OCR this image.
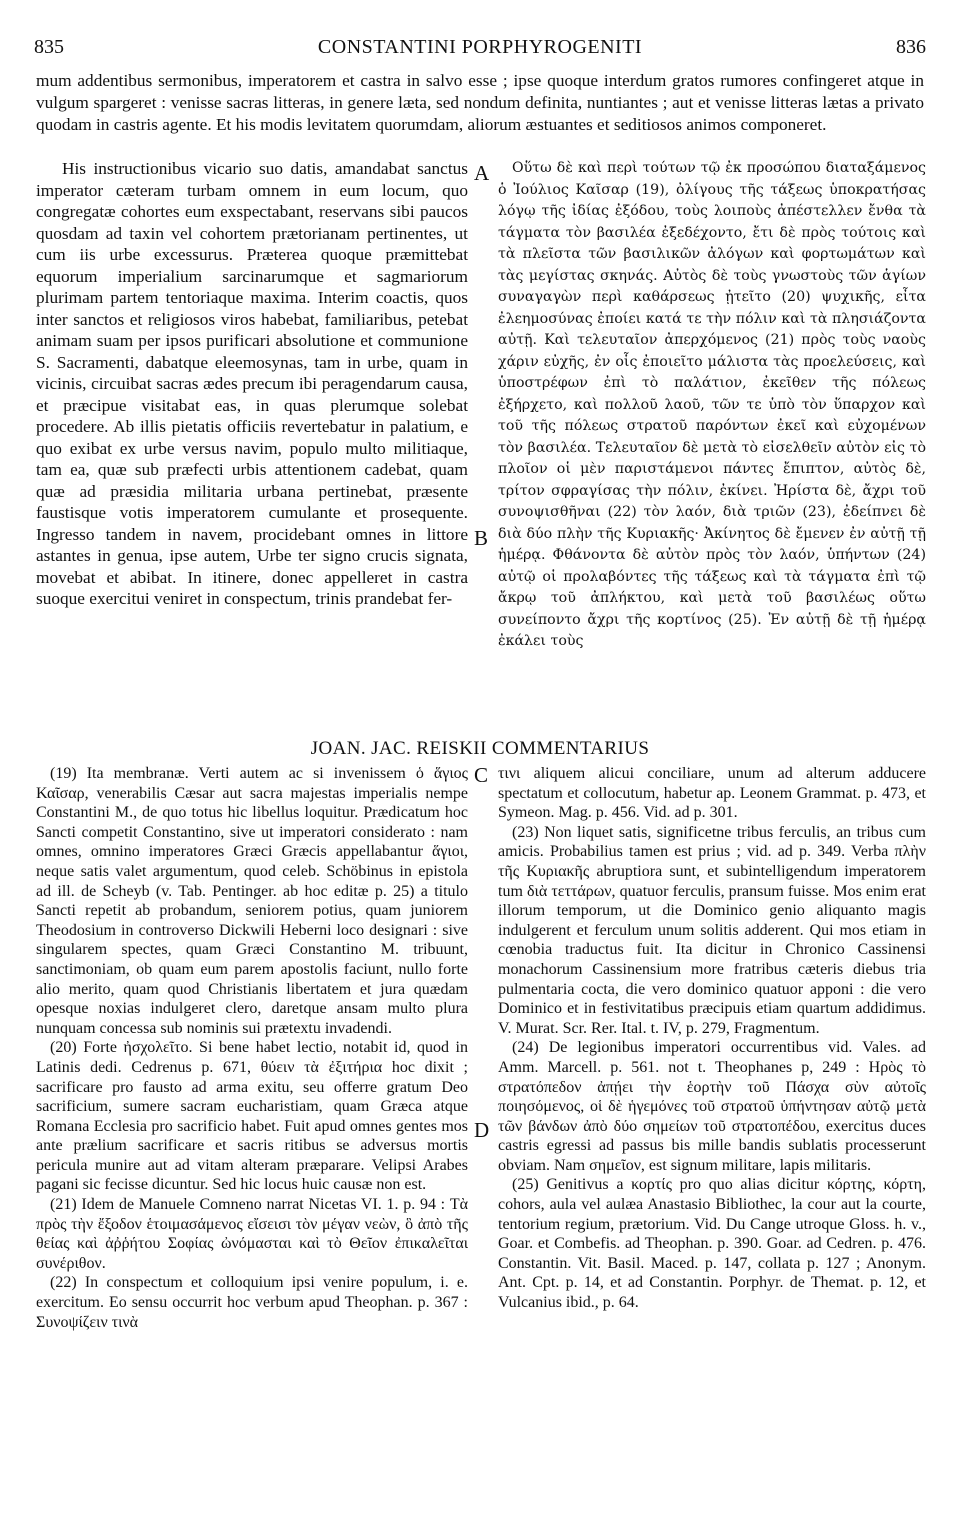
835	CONSTANTINI PORPHYROGENITI	836
mum addentibus sermonibus, imperatorem et castra in salvo esse ; ipse quoque interdum gratos rumores confingeret atque in vulgum spargeret : venisse sacras litteras, in genere læta, sed nondum definita, nuntiantes ; aut et venisse litteras lætas a privato quodam in castris agente. Et his modis levitatem quorumdam, aliorum æstuantes et seditiosos animos componeret.
His instructionibus vicario suo datis, amandabat sanctus imperator cæteram turbam omnem in eum locum, quo congregatæ cohortes eum exspectabant, reservans sibi paucos quosdam ad taxin vel cohortem prætorianam pertinentes, ut cum iis urbe excessurus. Præterea quoque præmittebat equorum imperialium sarcinarumque et sagmariorum plurimam partem tentoriaque maxima. Interim coactis, quos inter sanctos et religiosos viros habebat, familiaribus, petebat animam suam per ipsos purificari absolutione et communione S. Sacramenti, dabatque eleemosynas, tam in urbe, quam in vicinis, circuibat sacras ædes precum ibi peragendarum causa, et præcipue visitabat eas, in quas plerumque solebat procedere. Ab illis pietatis officiis revertebatur in palatium, e quo exibat ex urbe versus navim, populo multo militiaque, tam ea, quæ sub præfecti urbis attentionem cadebat, quam quæ ad præsidia militaria urbana pertinebat, præsente faustisque votis imperatorem cumulante et prosequente. Ingresso tandem in navem, procidebant omnes in littore astantes in genua, ipse autem, Urbe ter signo crucis signata, movebat et abibat. In itinere, donec appelleret in castra suoque exercitui veniret in conspectum, trinis prandebat fer-
Οὕτω δὲ καὶ περὶ τούτων τῷ ἐκ προσώπου διαταξάμενος ὁ Ἰούλιος Καῖσαρ (19), ὀλίγους τῆς τάξεως ὑποκρατήσας λόγῳ τῆς ἰδίας ἐξόδου, τοὺς λοιποὺς ἀπέστελλεν ἔνθα τὰ τάγματα τὸν βασιλέα ἐξεδέχοντο, ἔτι δὲ πρὸς τούτοις καὶ τὰ πλεῖστα τῶν βασιλικῶν ἀλόγων καὶ φορτωμάτων καὶ τὰς μεγίστας σκηνάς. Αὐτὸς δὲ τοὺς γνωστοὺς τῶν ἁγίων συναγαγὼν περὶ καθάρσεως ᾐτεῖτο (20) ψυχικῆς, εἶτα ἐλεημοσύνας ἐποίει κατά τε τὴν πόλιν καὶ τὰ πλησιάζοντα αὐτῇ. Καὶ τελευταῖον ἀπερχόμενος (21) πρὸς τοὺς ναοὺς χάριν εὐχῆς, ἐν οἷς ἐποιεῖτο μάλιστα τὰς προελεύσεις, καὶ ὑποστρέφων ἐπὶ τὸ παλάτιον, ἐκεῖθεν τῆς πόλεως ἐξήρχετο, καὶ πολλοῦ λαοῦ, τῶν τε ὑπὸ τὸν ὕπαρχον καὶ τοῦ τῆς πόλεως στρατοῦ παρόντων ἐκεῖ καὶ εὐχομένων τὸν βασιλέα. Τελευταῖον δὲ μετὰ τὸ εἰσελθεῖν αὐτὸν εἰς τὸ πλοῖον οἱ μὲν παριστάμενοι πάντες ἔπιπτον, αὐτὸς δὲ, τρίτον σφραγίσας τὴν πόλιν, ἐκίνει. Ἠρίστα δὲ, ἄχρι τοῦ συνοψισθῆναι (22) τὸν λαόν, διὰ τριῶν (23), ἐδείπνει δὲ διὰ δύο πλὴν τῆς Κυριακῆς· Ἀκίνητος δὲ ἔμενεν ἐν αὐτῇ τῇ ἡμέρᾳ. Φθάνοντα δὲ αὐτὸν πρὸς τὸν λαόν, ὑπήντων (24) αὐτῷ οἱ προλαβόντες τῆς τάξεως καὶ τὰ τάγματα ἐπὶ τῷ ἄκρῳ τοῦ ἀπλήκτου, καὶ μετὰ τοῦ βασιλέως οὕτω συνείποντο ἄχρι τῆς κορτίνος (25). Ἐν αὐτῇ δὲ τῇ ἡμέρᾳ ἐκάλει τοὺς
A
B
C
D
JOAN. JAC. REISKII COMMENTARIUS

(19) Ita membranæ. Verti autem ac si invenissem ὁ ἅγιος Καῖσαρ, venerabilis Cæsar aut sacra majestas imperialis nempe Constantini M., de quo totus hic libellus loquitur. Prædicatum hoc Sancti competit Constantino, sive ut imperatori considerato : nam omnes, omnino imperatores Græci Græcis appellabantur ἅγιοι, neque satis valet argumentum, quod celeb. Schöbinus in epistola ad ill. de Scheyb (v. Tab. Pentinger. ab hoc editæ p. 25) a titulo Sancti repetit ab probandum, seniorem potius, quam juniorem Theodosium in controverso Dickwili Heberni loco designari : sive singularem spectes, quam Græci Constantino M. tribuunt, sanctimoniam, ob quam eum parem apostolis faciunt, nullo forte alio merito, quam quod Christianis libertatem et jura quædam opesque noxias indulgeret clero, daretque ansam multo plura nunquam concessa sub nominis sui prætextu invadendi.

(20) Forte ἠσχολεῖτο. Si bene habet lectio, notabit id, quod in Latinis dedi. Cedrenus p. 671, θύειν τὰ ἐξιτήρια hoc dixit ; sacrificare pro fausto ad arma exitu, seu offerre gratum Deo sacrificium, sumere sacram eucharistiam, quam Græca atque Romana Ecclesia pro sacrificio habet. Fuit apud omnes gentes mos ante prælium sacrificare et sacris ritibus se adversus mortis pericula munire aut ad vitam alteram præparare. Velipsi Arabes pagani sic fecisse dicuntur. Sed hic locus huic causæ non est.

(21) Idem de Manuele Comneno narrat Nicetas VI. 1. p. 94 : Τὰ πρὸς τὴν ἔξοδον ἑτοιμασάμενος εἴσεισι τὸν μέγαν νεὼν, ὃ ἀπὸ τῆς θείας καὶ ἀῤῥήτου Σοφίας ὠνόμασται καὶ τὸ Θεῖον ἐπικαλεῖται συνέριθον.

(22) In conspectum et colloquium ipsi venire populum, i. e. exercitum. Eo sensu occurrit hoc verbum apud Theophan. p. 367 : Συνοψίζειν τινὰ

τινι aliquem alicui conciliare, unum ad alterum adducere spectatum et collocutum, habetur ap. Leonem Grammat. p. 473, et Symeon. Mag. p. 456. Vid. ad p. 301.

(23) Non liquet satis, significetne tribus ferculis, an tribus cum amicis. Probabilius tamen est prius ; vid. ad p. 349. Verba πλὴν τῆς Κυριακῆς abruptiora sunt, et subintelligendum imperatorem tum διὰ τεττάρων, quatuor ferculis, pransum fuisse. Mos enim erat illorum temporum, ut die Dominico genio aliquanto magis indulgerent et ferculum unum solitis adderent. Qui mos etiam in cœnobia traductus fuit. Ita dicitur in Chronico Cassinensi monachorum Cassinensium more fratribus cæteris diebus tria pulmentaria cocta, die vero dominico quatuor apponi : die vero Dominico et in festivitatibus præcipuis etiam quartum addidimus. V. Murat. Scr. Rer. Ital. t. IV, p. 279, Fragmentum.

(24) De legionibus imperatori occurrentibus vid. Vales. ad Amm. Marcell. p. 561. not t. Theophanes p, 249 : Ηρὸς τὸ στρατόπεδον ἀπῄει τὴν ἑορτὴν τοῦ Πάσχα σὺν αὐτοῖς ποιησόμενος, οἱ δὲ ἡγεμόνες τοῦ στρατοῦ ὑπήντησαν αὐτῷ μετὰ τῶν βάνδων ἀπὸ δύο σημείων τοῦ στρατοπέδου, exercitus duces castris egressi ad passus bis mille bandis sublatis processerunt obviam. Nam σημεῖον, est signum militare, lapis militaris.

(25) Genitivus a κορτίς pro quo alias dicitur κόρτης, κόρτη, cohors, aula vel aulæa Anastasio Bibliothec, la cour aut la courte, tentorium regium, prætorium. Vid. Du Cange utroque Gloss. h. v., Goar. et Combefis. ad Theophan. p. 390. Goar. ad Cedren. p. 476. Constantin. Vit. Basil. Maced. p. 147, collata p. 127 ; Anonym. Ant. Cpt. p. 14, et ad Constantin. Porphyr. de Themat. p. 12, et Vulcanius ibid., p. 64.
